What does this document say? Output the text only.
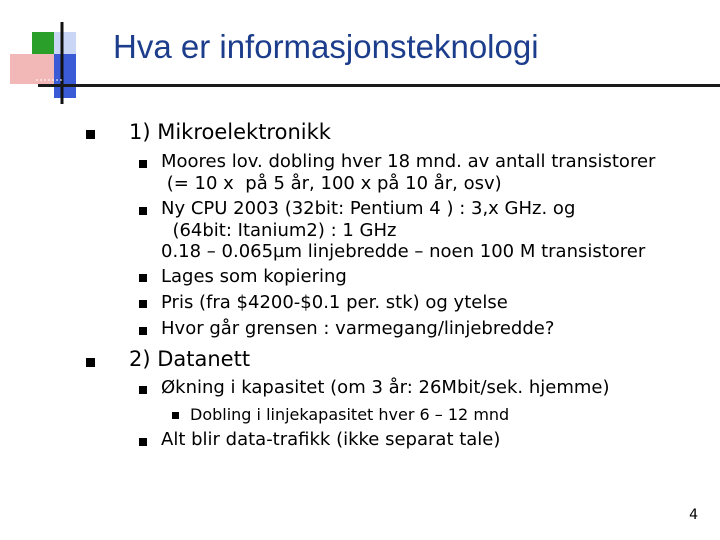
Hva er informasjonsteknologi
1) Mikroelektronikk
Moores lov. dobling hver 18 mnd. av antall transistorer
(= 10 x  på 5 år, 100 x på 10 år, osv)
Ny CPU 2003 (32bit: Pentium 4 ) : 3,x GHz. og
(64bit: Itanium2) : 1 GHz
0.18 – 0.065µm linjebredde – noen 100 M transistorer
Lages som kopiering
Pris (fra $4200-$0.1 per. stk) og ytelse
Hvor går grensen : varmegang/linjebredde?
2) Datanett
Økning i kapasitet (om 3 år: 26Mbit/sek. hjemme)
Dobling i linjekapasitet hver 6 – 12 mnd
Alt blir data-trafikk (ikke separat tale)
4
